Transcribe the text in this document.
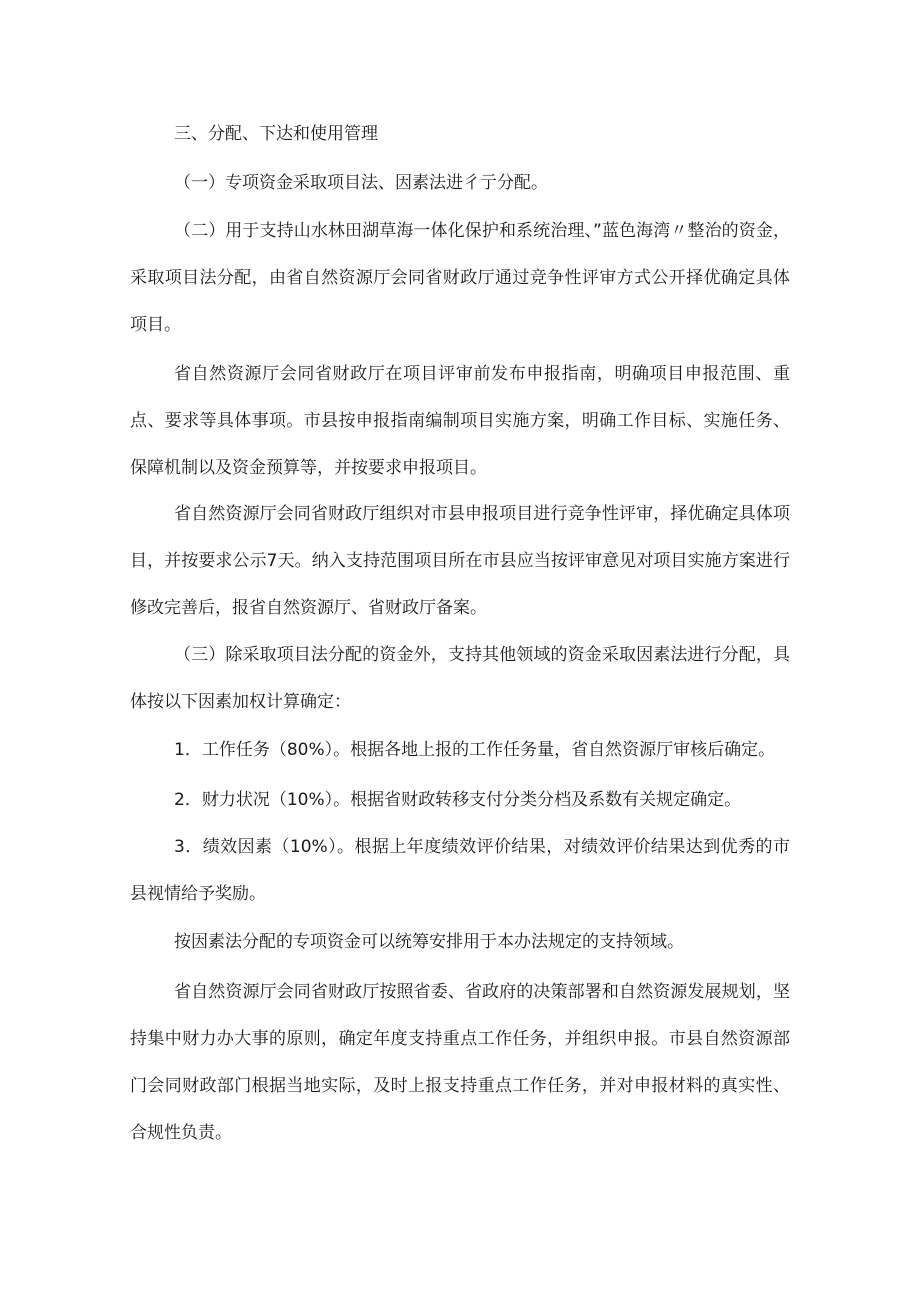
三、分配、下达和使用管理

（一）专项资金采取项目法、因素法进彳亍分配。

（二）用于支持山水林田湖草海一体化保护和系统治理、”蓝色海湾〃整治的资金，采取项目法分配，由省自然资源厅会同省财政厅通过竞争性评审方式公开择优确定具体项目。

省自然资源厅会同省财政厅在项目评审前发布申报指南，明确项目申报范围、重点、要求等具体事项。市县按申报指南编制项目实施方案，明确工作目标、实施任务、保障机制以及资金预算等，并按要求申报项目。

省自然资源厅会同省财政厅组织对市县申报项目进行竞争性评审，择优确定具体项目，并按要求公示7天。纳入支持范围项目所在市县应当按评审意见对项目实施方案进行修改完善后，报省自然资源厅、省财政厅备案。

（三）除采取项目法分配的资金外，支持其他领域的资金采取因素法进行分配，具体按以下因素加权计算确定：

1．工作任务（80%）。根据各地上报的工作任务量，省自然资源厅审核后确定。

2．财力状况（10%）。根据省财政转移支付分类分档及系数有关规定确定。

3．绩效因素（10%）。根据上年度绩效评价结果，对绩效评价结果达到优秀的市县视情给予奖励。

按因素法分配的专项资金可以统筹安排用于本办法规定的支持领域。

省自然资源厅会同省财政厅按照省委、省政府的决策部署和自然资源发展规划，坚持集中财力办大事的原则，确定年度支持重点工作任务，并组织申报。市县自然资源部门会同财政部门根据当地实际，及时上报支持重点工作任务，并对申报材料的真实性、合规性负责。
